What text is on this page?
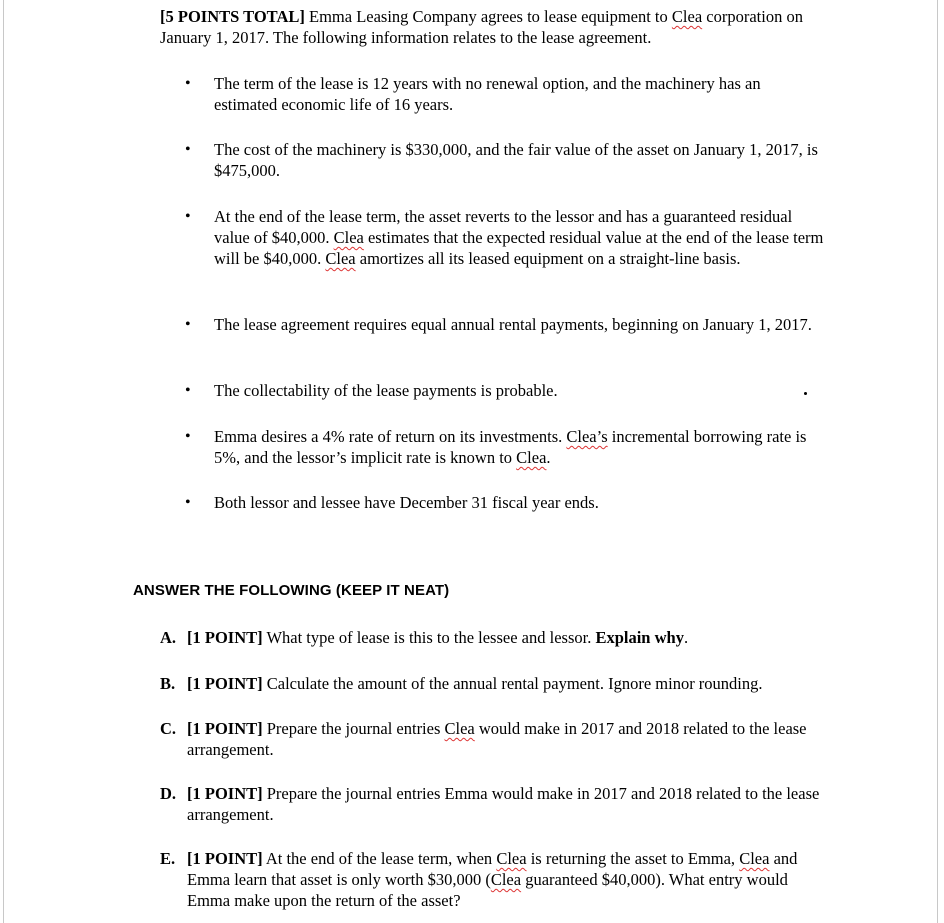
[5 POINTS TOTAL] Emma Leasing Company agrees to lease equipment to Clea corporation on January 1, 2017. The following information relates to the lease agreement.
•	The term of the lease is 12 years with no renewal option, and the machinery has an estimated economic life of 16 years.
•	The cost of the machinery is $330,000, and the fair value of the asset on January 1, 2017, is $475,000.
•	At the end of the lease term, the asset reverts to the lessor and has a guaranteed residual value of $40,000. Clea estimates that the expected residual value at the end of the lease term will be $40,000. Clea amortizes all its leased equipment on a straight-line basis.
•	The lease agreement requires equal annual rental payments, beginning on January 1, 2017.
•	The collectability of the lease payments is probable.
•	Emma desires a 4% rate of return on its investments. Clea’s incremental borrowing rate is 5%, and the lessor’s implicit rate is known to Clea.
•	Both lessor and lessee have December 31 fiscal year ends.
ANSWER THE FOLLOWING (KEEP IT NEAT)
A. [1 POINT] What type of lease is this to the lessee and lessor. Explain why.
B. [1 POINT] Calculate the amount of the annual rental payment. Ignore minor rounding.
C. [1 POINT] Prepare the journal entries Clea would make in 2017 and 2018 related to the lease arrangement.
D. [1 POINT] Prepare the journal entries Emma would make in 2017 and 2018 related to the lease arrangement.
E. [1 POINT] At the end of the lease term, when Clea is returning the asset to Emma, Clea and Emma learn that asset is only worth $30,000 (Clea guaranteed $40,000). What entry would Emma make upon the return of the asset?
